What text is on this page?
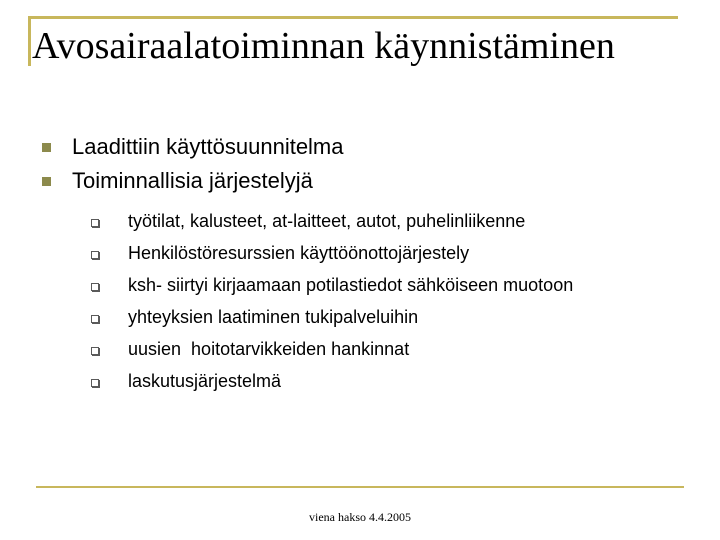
Avosairaalatoiminnan käynnistäminen
Laadittiin käyttösuunnitelma
Toiminnallisia järjestelyjä
työtilat, kalusteet, at-laitteet, autot, puhelinliikenne
Henkilöstöresurssien käyttöönottojärjestely
ksh- siirtyi kirjaamaan potilastiedot sähköiseen muotoon
yhteyksien laatiminen tukipalveluihin
uusien  hoitotarvikkeiden hankinnat
laskutusjärjestelmä
viena hakso 4.4.2005
